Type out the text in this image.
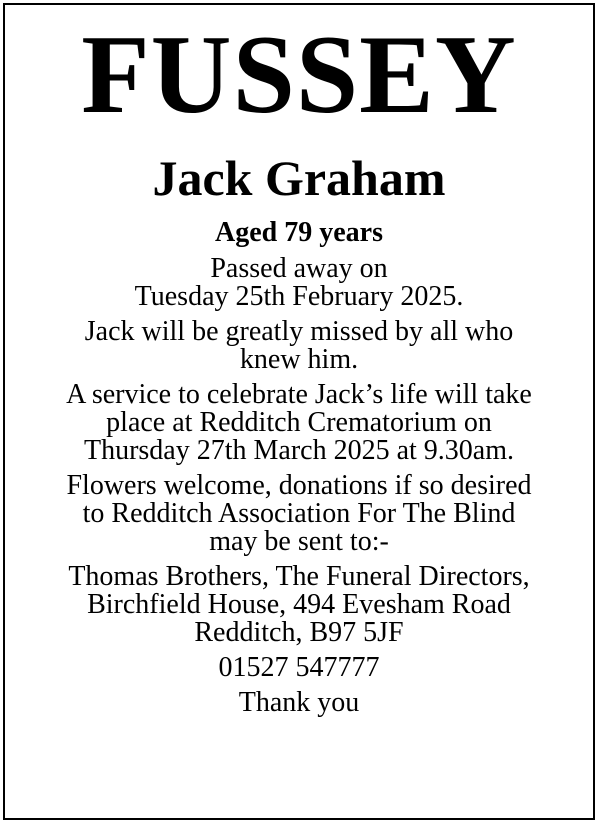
FUSSEY
Jack Graham
Aged 79 years
Passed away on
Tuesday 25th February 2025.
Jack will be greatly missed by all who
knew him.
A service to celebrate Jack’s life will take
place at Redditch Crematorium on
Thursday 27th March 2025 at 9.30am.
Flowers welcome, donations if so desired
to Redditch Association For The Blind
may be sent to:-
Thomas Brothers, The Funeral Directors,
Birchfield House, 494 Evesham Road
Redditch, B97 5JF
01527 547777
Thank you
